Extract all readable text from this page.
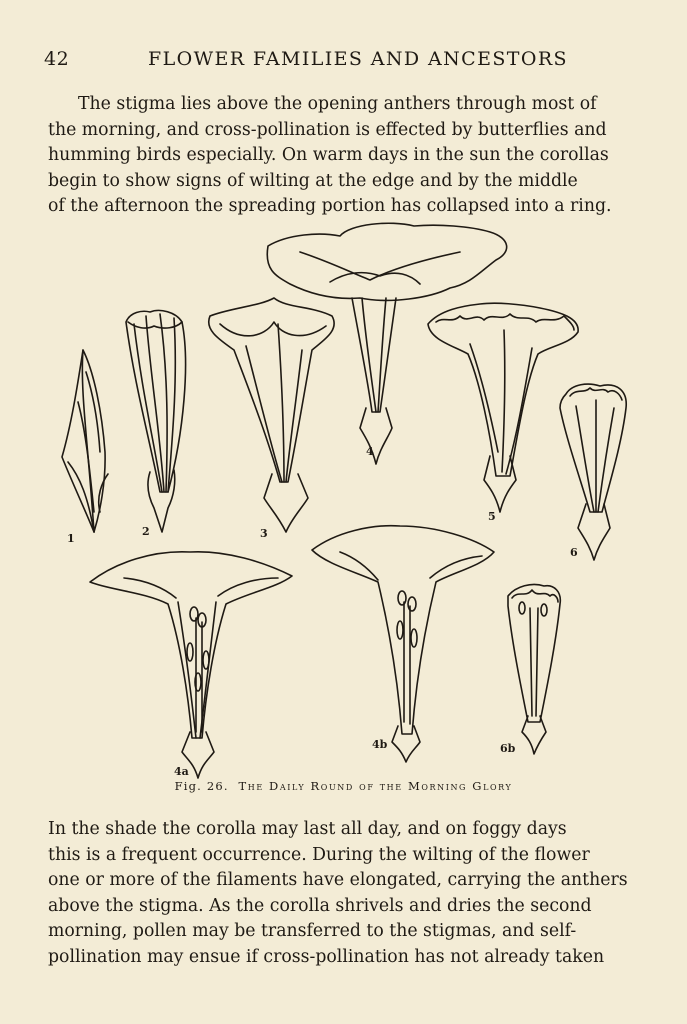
42	FLOWER FAMILIES AND ANCESTORS
The stigma lies above the opening anthers through most of
the morning, and cross-pollination is effected by butterflies and
humming birds especially. On warm days in the sun the corollas
begin to show signs of wilting at the edge and by the middle
of the afternoon the spreading portion has collapsed into a ring.
1
2	3
4
5
6
4a
4b	6b
Fig. 26. The Daily Round of the Morning Glory
In the shade the corolla may last all day, and on foggy days
this is a frequent occurrence. During the wilting of the flower
one or more of the filaments have elongated, carrying the anthers
above the stigma. As the corolla shrivels and dries the second
morning, pollen may be transferred to the stigmas, and self-
pollination may ensue if cross-pollination has not already taken
